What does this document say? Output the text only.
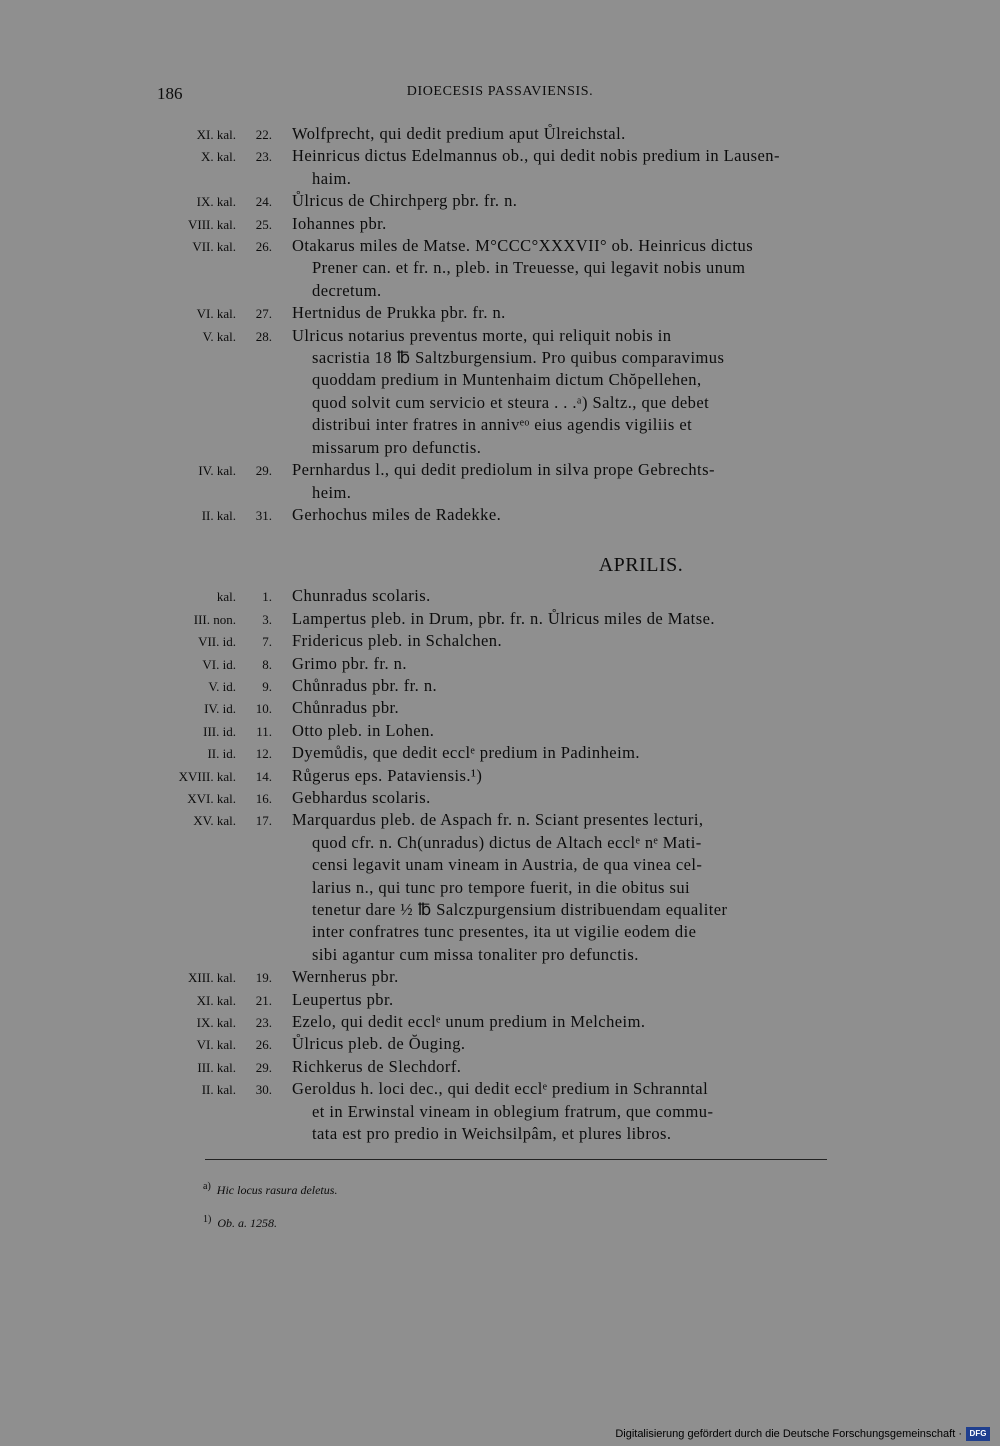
186	DIOECESIS PASSAVIENSIS.
XI. kal.	22. Wolfprecht, qui dedit predium aput Ůlreichstal.
X. kal.	23. Heinricus dictus Edelmannus ob., qui dedit nobis predium in Lausen-
haim.
IX. kal.	24. Ůlricus de Chirchperg pbr. fr. n.
VIII. kal.	25. Iohannes pbr.
VII. kal.	26. Otakarus miles de Matse. M°CCC°XXXVII° ob. Heinricus dictus
Prener can. et fr. n., pleb. in Treuesse, qui legavit nobis unum
decretum.
VI. kal.	27. Hertnidus de Prukka pbr. fr. n.
V. kal.	28. Ulricus notarius preventus morte, qui reliquit nobis in
sacristia 18 ℔ Saltzburgensium. Pro quibus comparavimus
quoddam predium in Muntenhaim dictum Chŏpellehen,
quod solvit cum servicio et steura . . .ᵃ) Saltz., que debet
distribui inter fratres in annivᵉᵒ eius agendis vigiliis et
missarum pro defunctis.
IV. kal.	29. Pernhardus l., qui dedit prediolum in silva prope Gebrechts-
heim.
II. kal.	31. Gerhochus miles de Radekke.
APRILIS.
kal.	1. Chunradus scolaris.
III. non.	3. Lampertus pleb. in Drum, pbr. fr. n. Ůlricus miles de Matse.
VII. id.	7. Fridericus pleb. in Schalchen.
VI. id.	8. Grimo pbr. fr. n.
V. id.	9. Chůnradus pbr. fr. n.
IV. id.	10. Chůnradus pbr.
III. id.	11. Otto pleb. in Lohen.
II. id.	12. Dyemůdis, que dedit ecclᵉ predium in Padinheim.
XVIII. kal.	14. Růgerus eps. Pataviensis.¹)
XVI. kal.	16. Gebhardus scolaris.
XV. kal.	17. Marquardus pleb. de Aspach fr. n. Sciant presentes lecturi,
quod cfr. n. Ch(unradus) dictus de Altach ecclᵉ nᵉ Mati-
censi legavit unam vineam in Austria, de qua vinea cel-
larius n., qui tunc pro tempore fuerit, in die obitus sui
tenetur dare ½ ℔ Salczpurgensium distribuendam equaliter
inter confratres tunc presentes, ita ut vigilie eodem die
sibi agantur cum missa tonaliter pro defunctis.
XIII. kal.	19. Wernherus pbr.
XI. kal.	21. Leupertus pbr.
IX. kal.	23. Ezelo, qui dedit ecclᵉ unum predium in Melcheim.
VI. kal.	26. Ůlricus pleb. de Ŏuging.
III. kal.	29. Richkerus de Slechdorf.
II. kal.	30. Geroldus h. loci dec., qui dedit ecclᵉ predium in Schranntal
et in Erwinstal vineam in oblegium fratrum, que commu-
tata est pro predio in Weichsilpâm, et plures libros.
$^{a)}$ Hic locus rasura deletus.
$^{1)}$ Ob. a. 1258.
Digitalisierung gefördert durch die Deutsche Forschungsgemeinschaft · DFG
